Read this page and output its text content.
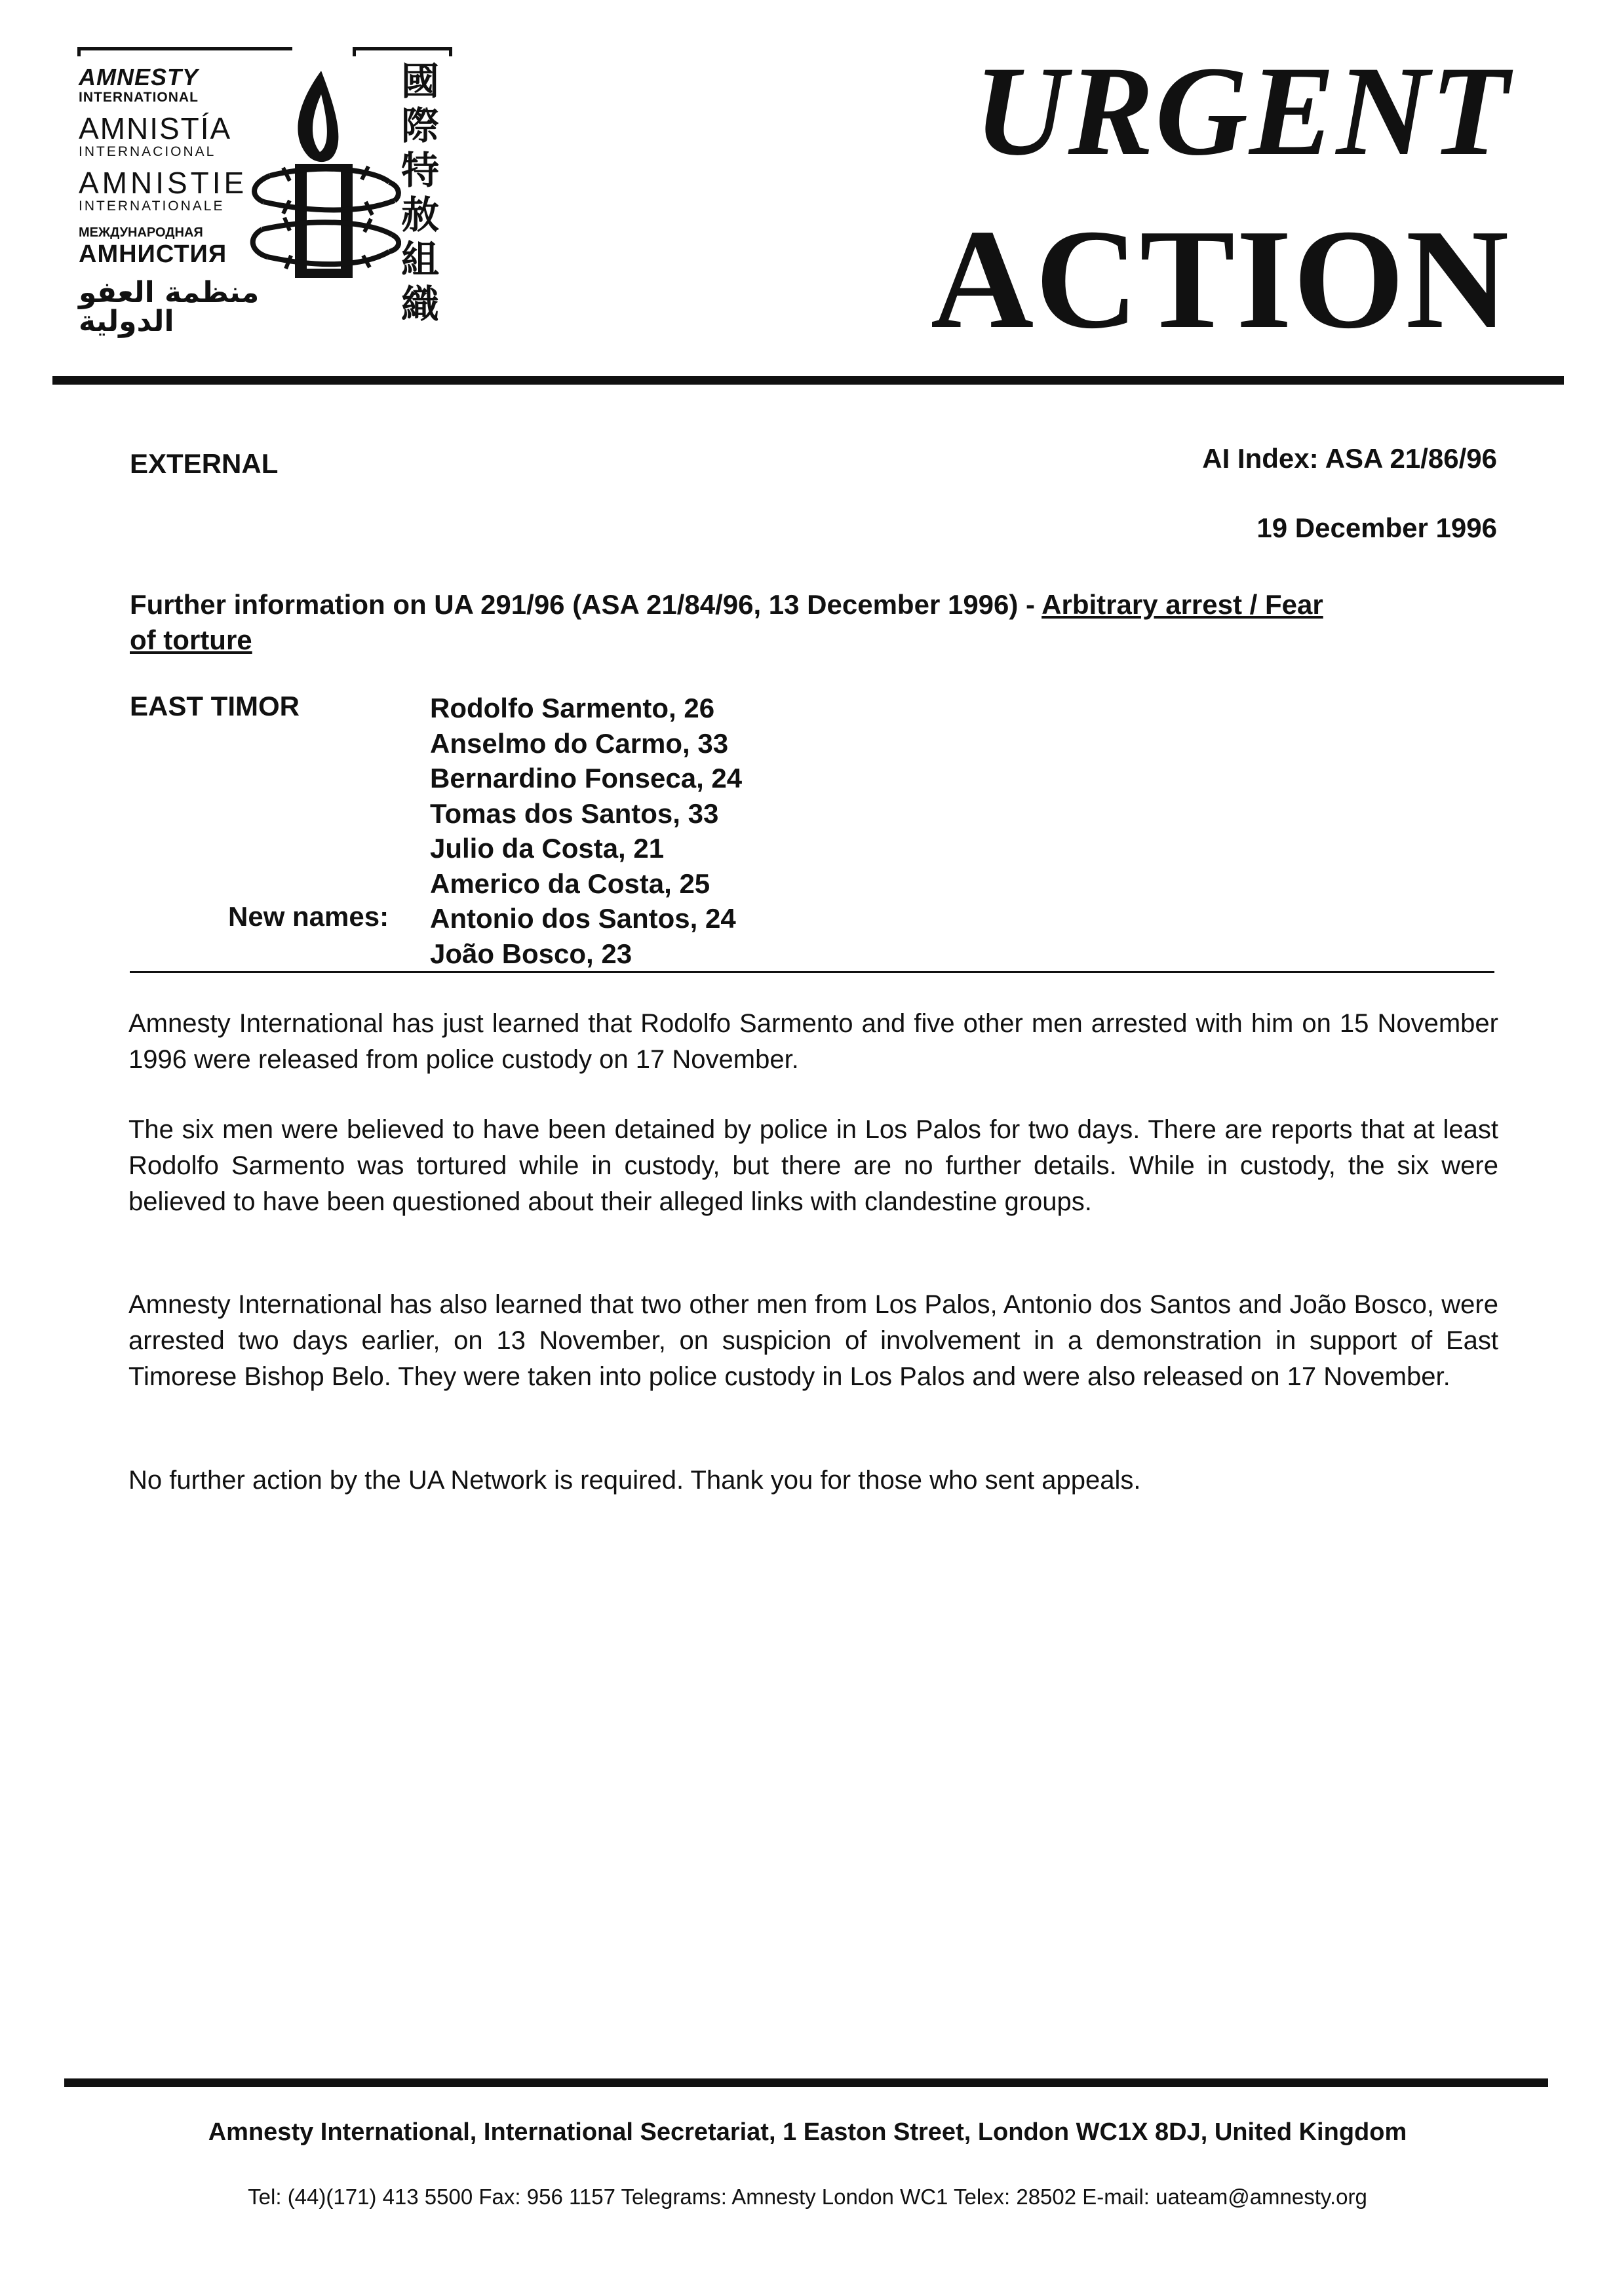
AMNESTY
INTERNATIONAL
AMNISTÍA
INTERNACIONAL
AMNISTIE
INTERNATIONALE
МЕЖДУНАРОДНАЯ
АМНИСТИЯ
منظمة العفو الدولية
國
際
特
赦
組
織
URGENT
ACTION
EXTERNAL	AI Index: ASA 21/86/96
19 December 1996
Further information on UA 291/96 (ASA 21/84/96, 13 December 1996) - Arbitrary arrest / Fear
of torture
EAST TIMOR
New names:
Rodolfo Sarmento, 26
Anselmo do Carmo, 33
Bernardino Fonseca, 24
Tomas dos Santos, 33
Julio da Costa, 21
Americo da Costa, 25
Antonio dos Santos, 24
João Bosco, 23
Amnesty International has just learned that Rodolfo Sarmento and five other men arrested with him on 15 November 1996 were released from police custody on 17 November.
The six men were believed to have been detained by police in Los Palos for two days. There are reports that at least Rodolfo Sarmento was tortured while in custody, but there are no further details. While in custody, the six were believed to have been questioned about their alleged links with clandestine groups.
Amnesty International has also learned that two other men from Los Palos, Antonio dos Santos and João Bosco, were arrested two days earlier, on 13 November, on suspicion of involvement in a demonstration in support of East Timorese Bishop Belo. They were taken into police custody in Los Palos and were also released on 17 November.
No further action by the UA Network is required. Thank you for those who sent appeals.
Amnesty International, International Secretariat, 1 Easton Street, London WC1X 8DJ, United Kingdom
Tel: (44)(171) 413 5500 Fax: 956 1157 Telegrams: Amnesty London WC1 Telex: 28502 E-mail: uateam@amnesty.org
